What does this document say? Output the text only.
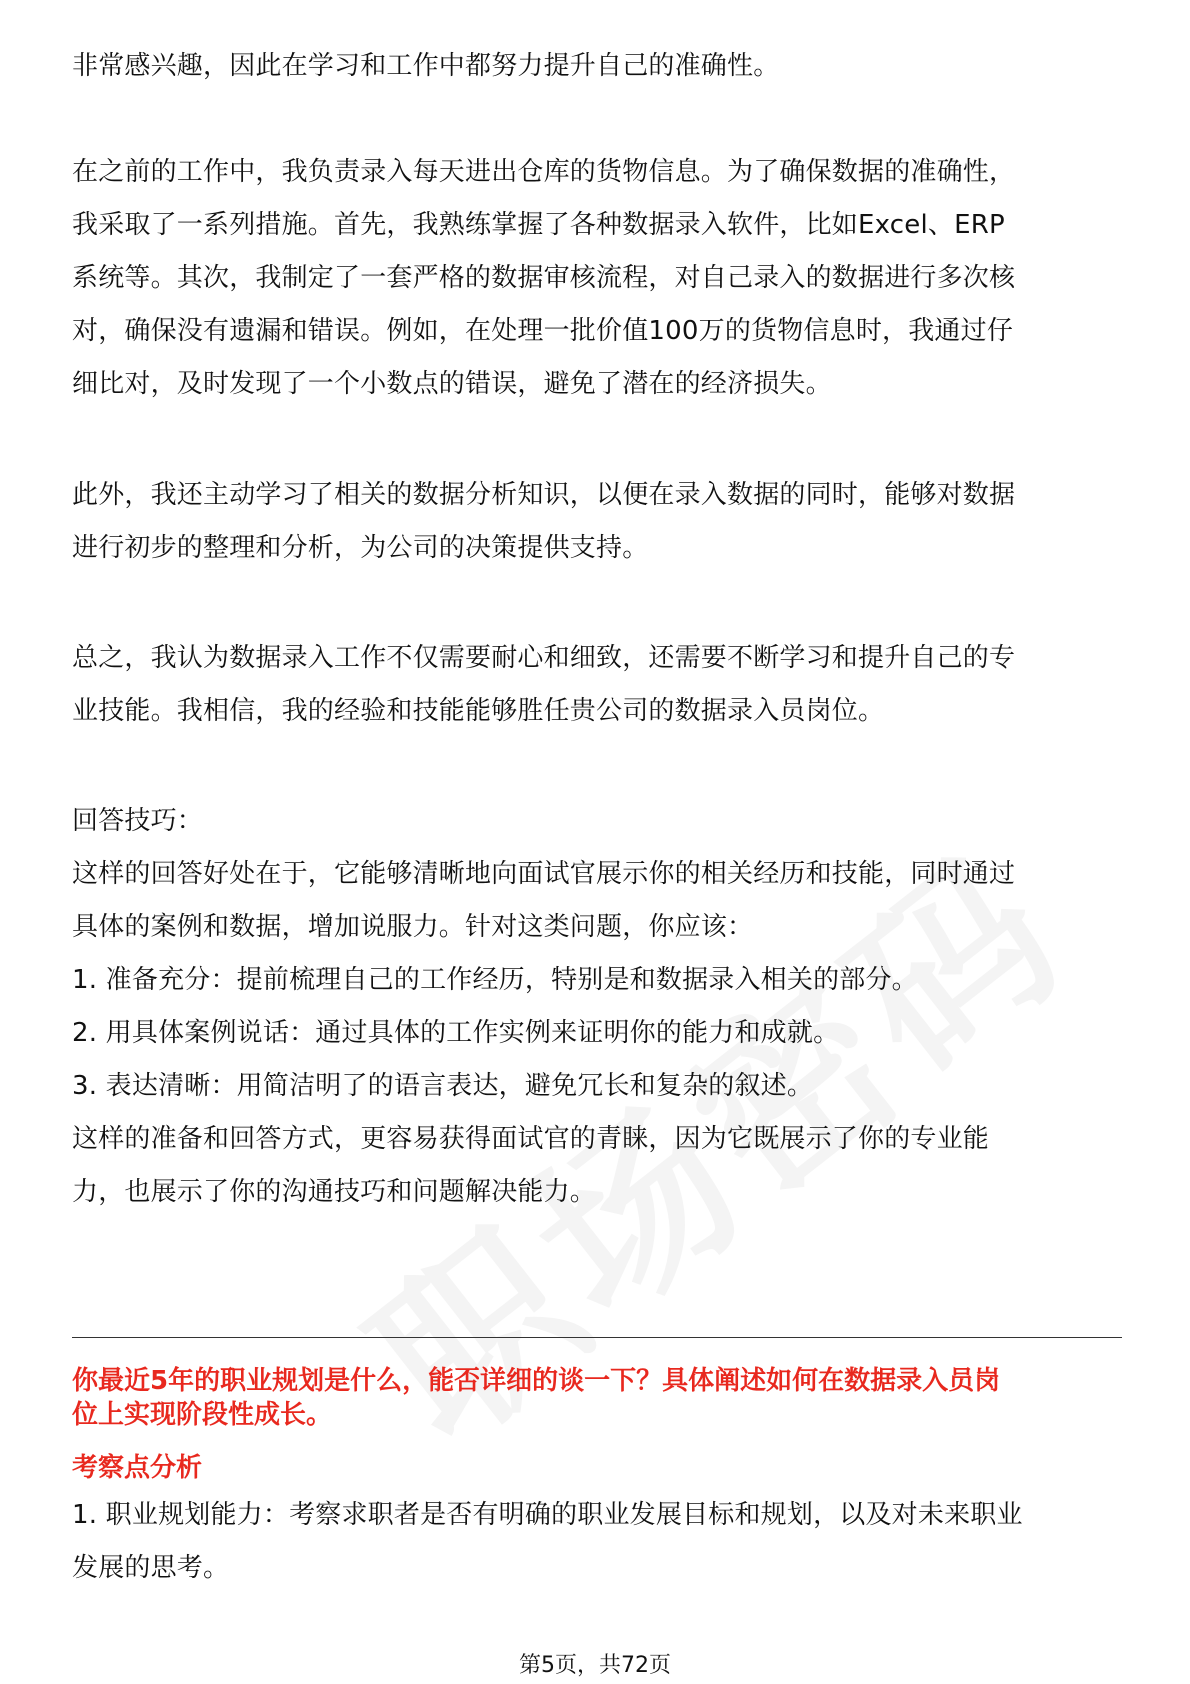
非常感兴趣，因此在学习和工作中都努力提升自己的准确性。
在之前的工作中，我负责录入每天进出仓库的货物信息。为了确保数据的准确性，
我采取了一系列措施。首先，我熟练掌握了各种数据录入软件，比如Excel、ERP
系统等。其次，我制定了一套严格的数据审核流程，对自己录入的数据进行多次核
对，确保没有遗漏和错误。例如，在处理一批价值100万的货物信息时，我通过仔
细比对，及时发现了一个小数点的错误，避免了潜在的经济损失。
此外，我还主动学习了相关的数据分析知识，以便在录入数据的同时，能够对数据
进行初步的整理和分析，为公司的决策提供支持。
总之，我认为数据录入工作不仅需要耐心和细致，还需要不断学习和提升自己的专
业技能。我相信，我的经验和技能能够胜任贵公司的数据录入员岗位。
回答技巧：
这样的回答好处在于，它能够清晰地向面试官展示你的相关经历和技能，同时通过
具体的案例和数据，增加说服力。针对这类问题，你应该：
1. 准备充分：提前梳理自己的工作经历，特别是和数据录入相关的部分。
2. 用具体案例说话：通过具体的工作实例来证明你的能力和成就。
3. 表达清晰：用简洁明了的语言表达，避免冗长和复杂的叙述。
这样的准备和回答方式，更容易获得面试官的青睐，因为它既展示了你的专业能
力，也展示了你的沟通技巧和问题解决能力。
你最近5年的职业规划是什么，能否详细的谈一下？具体阐述如何在数据录入员岗
位上实现阶段性成长。
考察点分析
1. 职业规划能力：考察求职者是否有明确的职业发展目标和规划，以及对未来职业
发展的思考。
第5页，共72页
